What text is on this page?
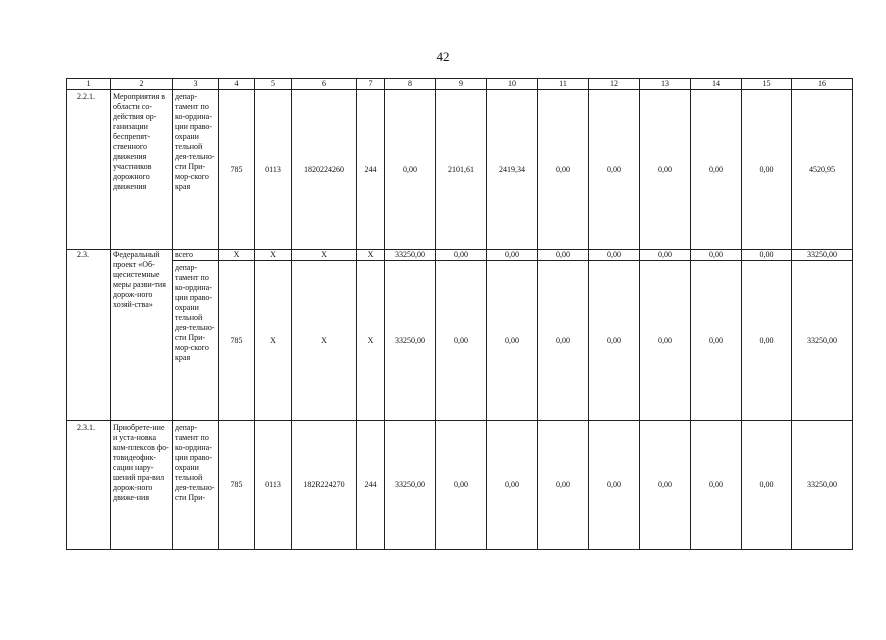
42
1	2	3	4	5	6	7	8	9	10	11	12	13	14	15	16
2.2.1.	Мероприятия в области со-действия ор-ганизации беспрепят-ственного движения участников дорожного движения	депар-тамент по ко-ордина-ции право-охрани тельной дея-тельно-сти При-мор-ского края	785	0113	1820224260	244	0,00	2101,61	2419,34	0,00	0,00	0,00	0,00	0,00	4520,95
2.3.	Федеральный проект «Об-щесистемные меры разви-тия дорож-ного хозяй-ства»	всего	X	X	X	X	33250,00	0,00	0,00	0,00	0,00	0,00	0,00	0,00	33250,00
		депар-тамент по ко-ордина-ции право-охрани тельной дея-тельно-сти При-мор-ского края	785	X	X	X	33250,00	0,00	0,00	0,00	0,00	0,00	0,00	0,00	33250,00
2.3.1.	Приобрете-ние и уста-новка ком-плексов фо-товидеофик-сации нару-шений пра-вил дорож-ного движе-ния	депар-тамент по ко-ордина-ции право-охрани тельной дея-тельно-сти При-	785	0113	182R224270	244	33250,00	0,00	0,00	0,00	0,00	0,00	0,00	0,00	33250,00
